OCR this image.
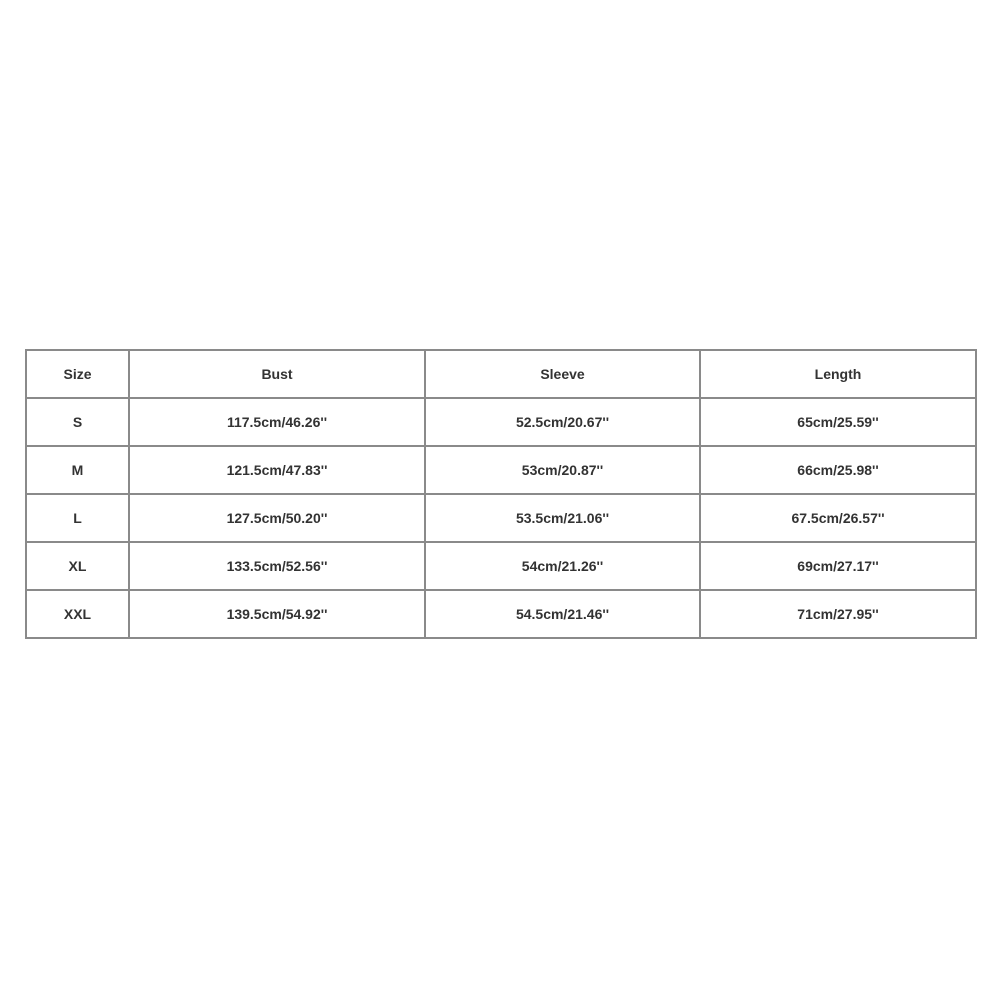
Size	Bust	Sleeve	Length
S	117.5cm/46.26''	52.5cm/20.67''	65cm/25.59''
M	121.5cm/47.83''	53cm/20.87''	66cm/25.98''
L	127.5cm/50.20''	53.5cm/21.06''	67.5cm/26.57''
XL	133.5cm/52.56''	54cm/21.26''	69cm/27.17''
XXL	139.5cm/54.92''	54.5cm/21.46''	71cm/27.95''
